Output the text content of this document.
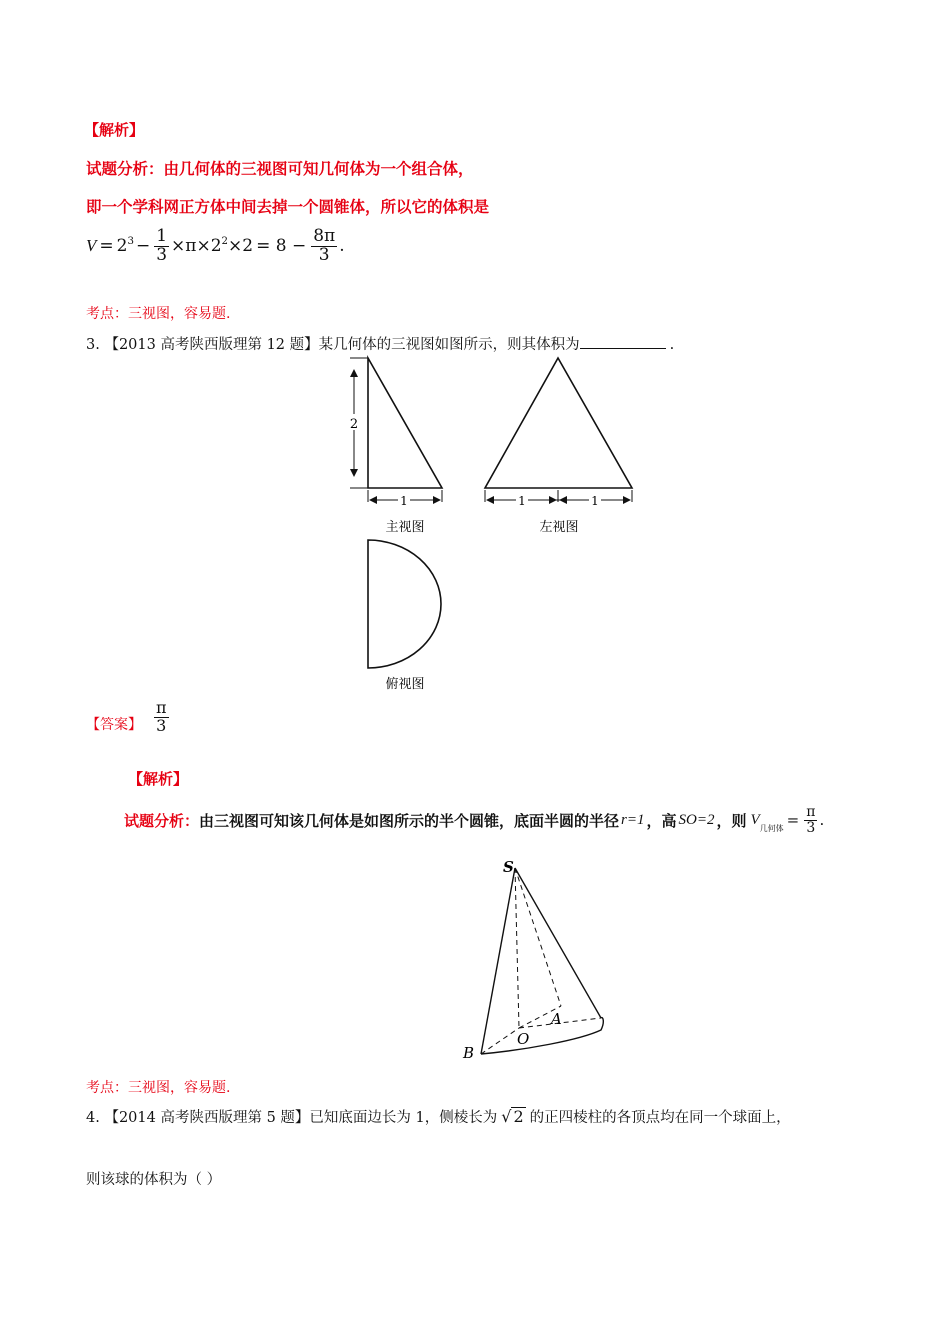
【解析】
试题分析：由几何体的三视图可知几何体为一个组合体，
即一个学科网正方体中间去掉一个圆锥体，所以它的体积是
$V = 2^3 - \frac{1}{3} \times\pi\times 2^2 \times 2 = 8 - \frac{8\pi}{3}$ .
考点：三视图，容易题.
3. 【2013 高考陕西版理第 12 题】某几何体的三视图如图所示，则其体积为	.
2
1
主视图
1	1
左视图
俯视图
【答案】 $\frac{\pi}{3}$
【解析】
试题分析： 由三视图可知该几何体是如图所示的半个圆锥，底面半圆的半径 r=1 ，高 SO=2 ，则 V
几何体 = $\frac{\pi}{3}$ .
S
O
A
B
考点：三视图，容易题.
4. 【2014 高考陕西版理第 5 题】已知底面边长为 1，侧棱长为 √ 2 的正四棱柱的各顶点均在同一个球面上，
则该球的体积为（ ）
